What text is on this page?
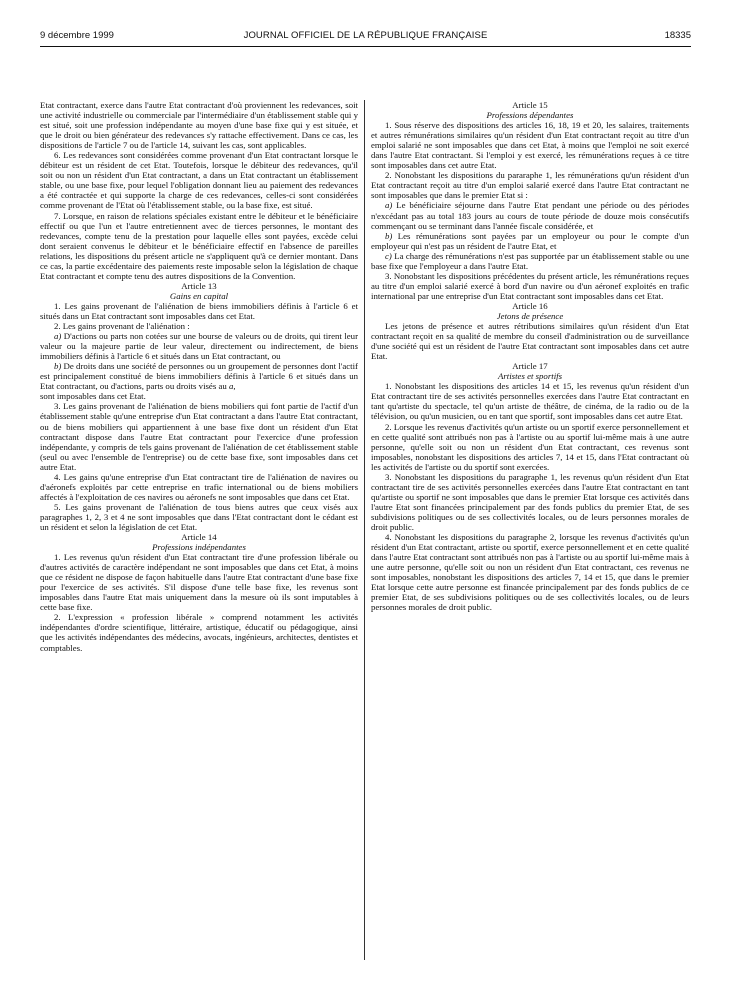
9 décembre 1999	JOURNAL OFFICIEL DE LA RÉPUBLIQUE FRANÇAISE	18335

Etat contractant, exerce dans l'autre Etat contractant d'où proviennent les redevances, soit une activité industrielle ou commerciale par l'intermédiaire d'un établissement stable qui y est situé, soit une profession indépendante au moyen d'une base fixe qui y est située, et que le droit ou bien générateur des redevances s'y rattache effectivement. Dans ce cas, les dispositions de l'article 7 ou de l'article 14, suivant les cas, sont applicables.

6. Les redevances sont considérées comme provenant d'un Etat contractant lorsque le débiteur est un résident de cet Etat. Toutefois, lorsque le débiteur des redevances, qu'il soit ou non un résident d'un Etat contractant, a dans un Etat contractant un établissement stable, ou une base fixe, pour lequel l'obligation donnant lieu au paiement des redevances a été contractée et qui supporte la charge de ces redevances, celles-ci sont considérées comme provenant de l'Etat où l'établissement stable, ou la base fixe, est situé.

7. Lorsque, en raison de relations spéciales existant entre le débiteur et le bénéficiaire effectif ou que l'un et l'autre entretiennent avec de tierces personnes, le montant des redevances, compte tenu de la prestation pour laquelle elles sont payées, excède celui dont seraient convenus le débiteur et le bénéficiaire effectif en l'absence de pareilles relations, les dispositions du présent article ne s'appliquent qu'à ce dernier montant. Dans ce cas, la partie excédentaire des paiements reste imposable selon la législation de chaque Etat contractant et compte tenu des autres dispositions de la Convention.

Article 13

Gains en capital

1. Les gains provenant de l'aliénation de biens immobiliers définis à l'article 6 et situés dans un Etat contractant sont imposables dans cet Etat.

2. Les gains provenant de l'aliénation :

a) D'actions ou parts non cotées sur une bourse de valeurs ou de droits, qui tirent leur valeur ou la majeure partie de leur valeur, directement ou indirectement, de biens immobiliers définis à l'article 6 et situés dans un Etat contractant, ou

b) De droits dans une société de personnes ou un groupement de personnes dont l'actif est principalement constitué de biens immobiliers définis à l'article 6 et situés dans un Etat contractant, ou d'actions, parts ou droits visés au a,

sont imposables dans cet Etat.

3. Les gains provenant de l'aliénation de biens mobiliers qui font partie de l'actif d'un établissement stable qu'une entreprise d'un Etat contractant a dans l'autre Etat contractant, ou de biens mobiliers qui appartiennent à une base fixe dont un résident d'un Etat contractant dispose dans l'autre Etat contractant pour l'exercice d'une profession indépendante, y compris de tels gains provenant de l'aliénation de cet établissement stable (seul ou avec l'ensemble de l'entreprise) ou de cette base fixe, sont imposables dans cet autre Etat.

4. Les gains qu'une entreprise d'un Etat contractant tire de l'aliénation de navires ou d'aéronefs exploités par cette entreprise en trafic international ou de biens mobiliers affectés à l'exploitation de ces navires ou aéronefs ne sont imposables que dans cet Etat.

5. Les gains provenant de l'aliénation de tous biens autres que ceux visés aux paragraphes 1, 2, 3 et 4 ne sont imposables que dans l'Etat contractant dont le cédant est un résident et selon la législation de cet Etat.

Article 14

Professions indépendantes

1. Les revenus qu'un résident d'un Etat contractant tire d'une profession libérale ou d'autres activités de caractère indépendant ne sont imposables que dans cet Etat, à moins que ce résident ne dispose de façon habituelle dans l'autre Etat contractant d'une base fixe pour l'exercice de ses activités. S'il dispose d'une telle base fixe, les revenus sont imposables dans l'autre Etat mais uniquement dans la mesure où ils sont imputables à cette base fixe.

2. L'expression « profession libérale » comprend notamment les activités indépendantes d'ordre scientifique, littéraire, artistique, éducatif ou pédagogique, ainsi que les activités indépendantes des médecins, avocats, ingénieurs, architectes, dentistes et comptables.

Article 15

Professions dépendantes

1. Sous réserve des dispositions des articles 16, 18, 19 et 20, les salaires, traitements et autres rémunérations similaires qu'un résident d'un Etat contractant reçoit au titre d'un emploi salarié ne sont imposables que dans cet Etat, à moins que l'emploi ne soit exercé dans l'autre Etat contractant. Si l'emploi y est exercé, les rémunérations reçues à ce titre sont imposables dans cet autre Etat.

2. Nonobstant les dispositions du pararaphe 1, les rémunérations qu'un résident d'un Etat contractant reçoit au titre d'un emploi salarié exercé dans l'autre Etat contractant ne sont imposables que dans le premier Etat si :

a) Le bénéficiaire séjourne dans l'autre Etat pendant une période ou des périodes n'excédant pas au total 183 jours au cours de toute période de douze mois consécutifs commençant ou se terminant dans l'année fiscale considérée, et

b) Les rémunérations sont payées par un employeur ou pour le compte d'un employeur qui n'est pas un résident de l'autre Etat, et

c) La charge des rémunérations n'est pas supportée par un établissement stable ou une base fixe que l'employeur a dans l'autre Etat.

3. Nonobstant les dispositions précédentes du présent article, les rémunérations reçues au titre d'un emploi salarié exercé à bord d'un navire ou d'un aéronef exploités en trafic international par une entreprise d'un Etat contractant sont imposables dans cet Etat.

Article 16

Jetons de présence

Les jetons de présence et autres rétributions similaires qu'un résident d'un Etat contractant reçoit en sa qualité de membre du conseil d'administration ou de surveillance d'une société qui est un résident de l'autre Etat contractant sont imposables dans cet autre Etat.

Article 17

Artistes et sportifs

1. Nonobstant les dispositions des articles 14 et 15, les revenus qu'un résident d'un Etat contractant tire de ses activités personnelles exercées dans l'autre Etat contractant en tant qu'artiste du spectacle, tel qu'un artiste de théâtre, de cinéma, de la radio ou de la télévision, ou qu'un musicien, ou en tant que sportif, sont imposables dans cet autre Etat.

2. Lorsque les revenus d'activités qu'un artiste ou un sportif exerce personnellement et en cette qualité sont attribués non pas à l'artiste ou au sportif lui-même mais à une autre personne, qu'elle soit ou non un résident d'un Etat contractant, ces revenus sont imposables, nonobstant les dispositions des articles 7, 14 et 15, dans l'Etat contractant où les activités de l'artiste ou du sportif sont exercées.

3. Nonobstant les dispositions du paragraphe 1, les revenus qu'un résident d'un Etat contractant tire de ses activités personnelles exercées dans l'autre Etat contractant en tant qu'artiste ou sportif ne sont imposables que dans le premier Etat lorsque ces activités dans l'autre Etat sont financées principalement par des fonds publics du premier Etat, de ses subdivisions politiques ou de ses collectivités locales, ou de leurs personnes morales de droit public.

4. Nonobstant les dispositions du paragraphe 2, lorsque les revenus d'activités qu'un résident d'un Etat contractant, artiste ou sportif, exerce personnellement et en cette qualité dans l'autre Etat contractant sont attribués non pas à l'artiste ou au sportif lui-même mais à une autre personne, qu'elle soit ou non un résident d'un Etat contractant, ces revenus ne sont imposables, nonobstant les dispositions des articles 7, 14 et 15, que dans le premier Etat lorsque cette autre personne est financée principalement par des fonds publics de ce premier Etat, de ses subdivisions politiques ou de ses collectivités locales, ou de leurs personnes morales de droit public.
